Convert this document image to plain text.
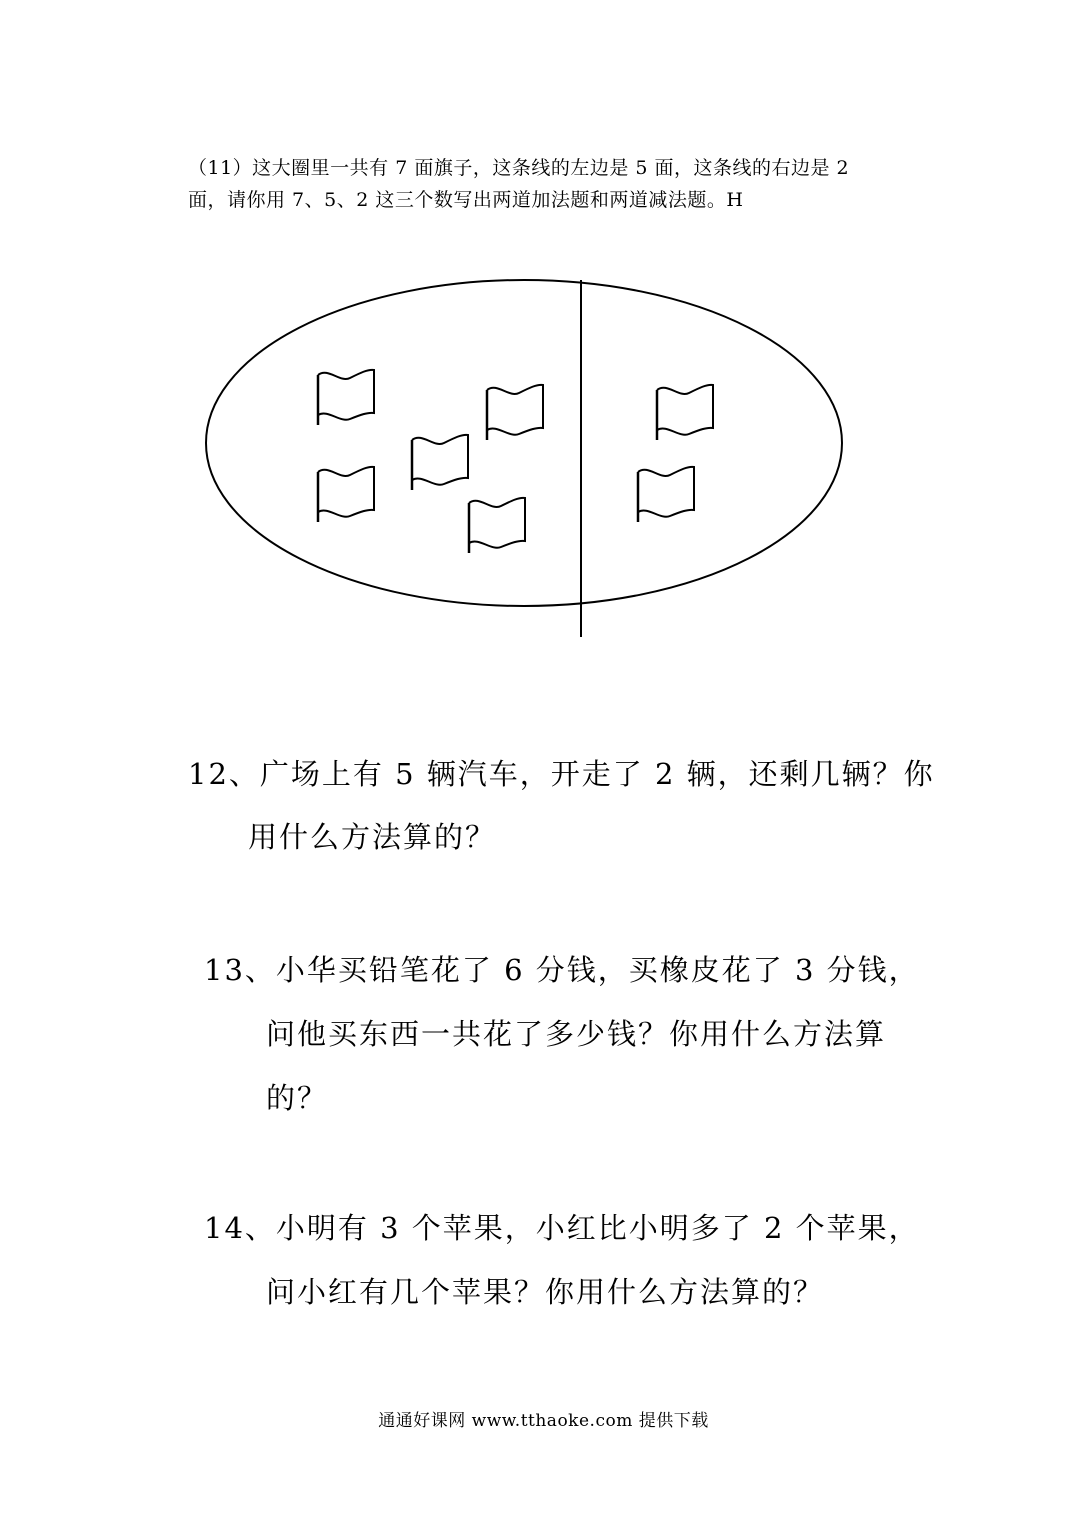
（11）这大圈里一共有 7 面旗子，这条线的左边是 5 面，这条线的右边是 2
面，请你用 7、5、2 这三个数写出两道加法题和两道减法题。H
12、广场上有 5 辆汽车，开走了 2 辆，还剩几辆？你
用什么方法算的？
13、小华买铅笔花了 6 分钱，买橡皮花了 3 分钱，
问他买东西一共花了多少钱？你用什么方法算
的？
14、小明有 3 个苹果，小红比小明多了 2 个苹果，
问小红有几个苹果？你用什么方法算的？
通通好课网 www.tthaoke.com 提供下载
